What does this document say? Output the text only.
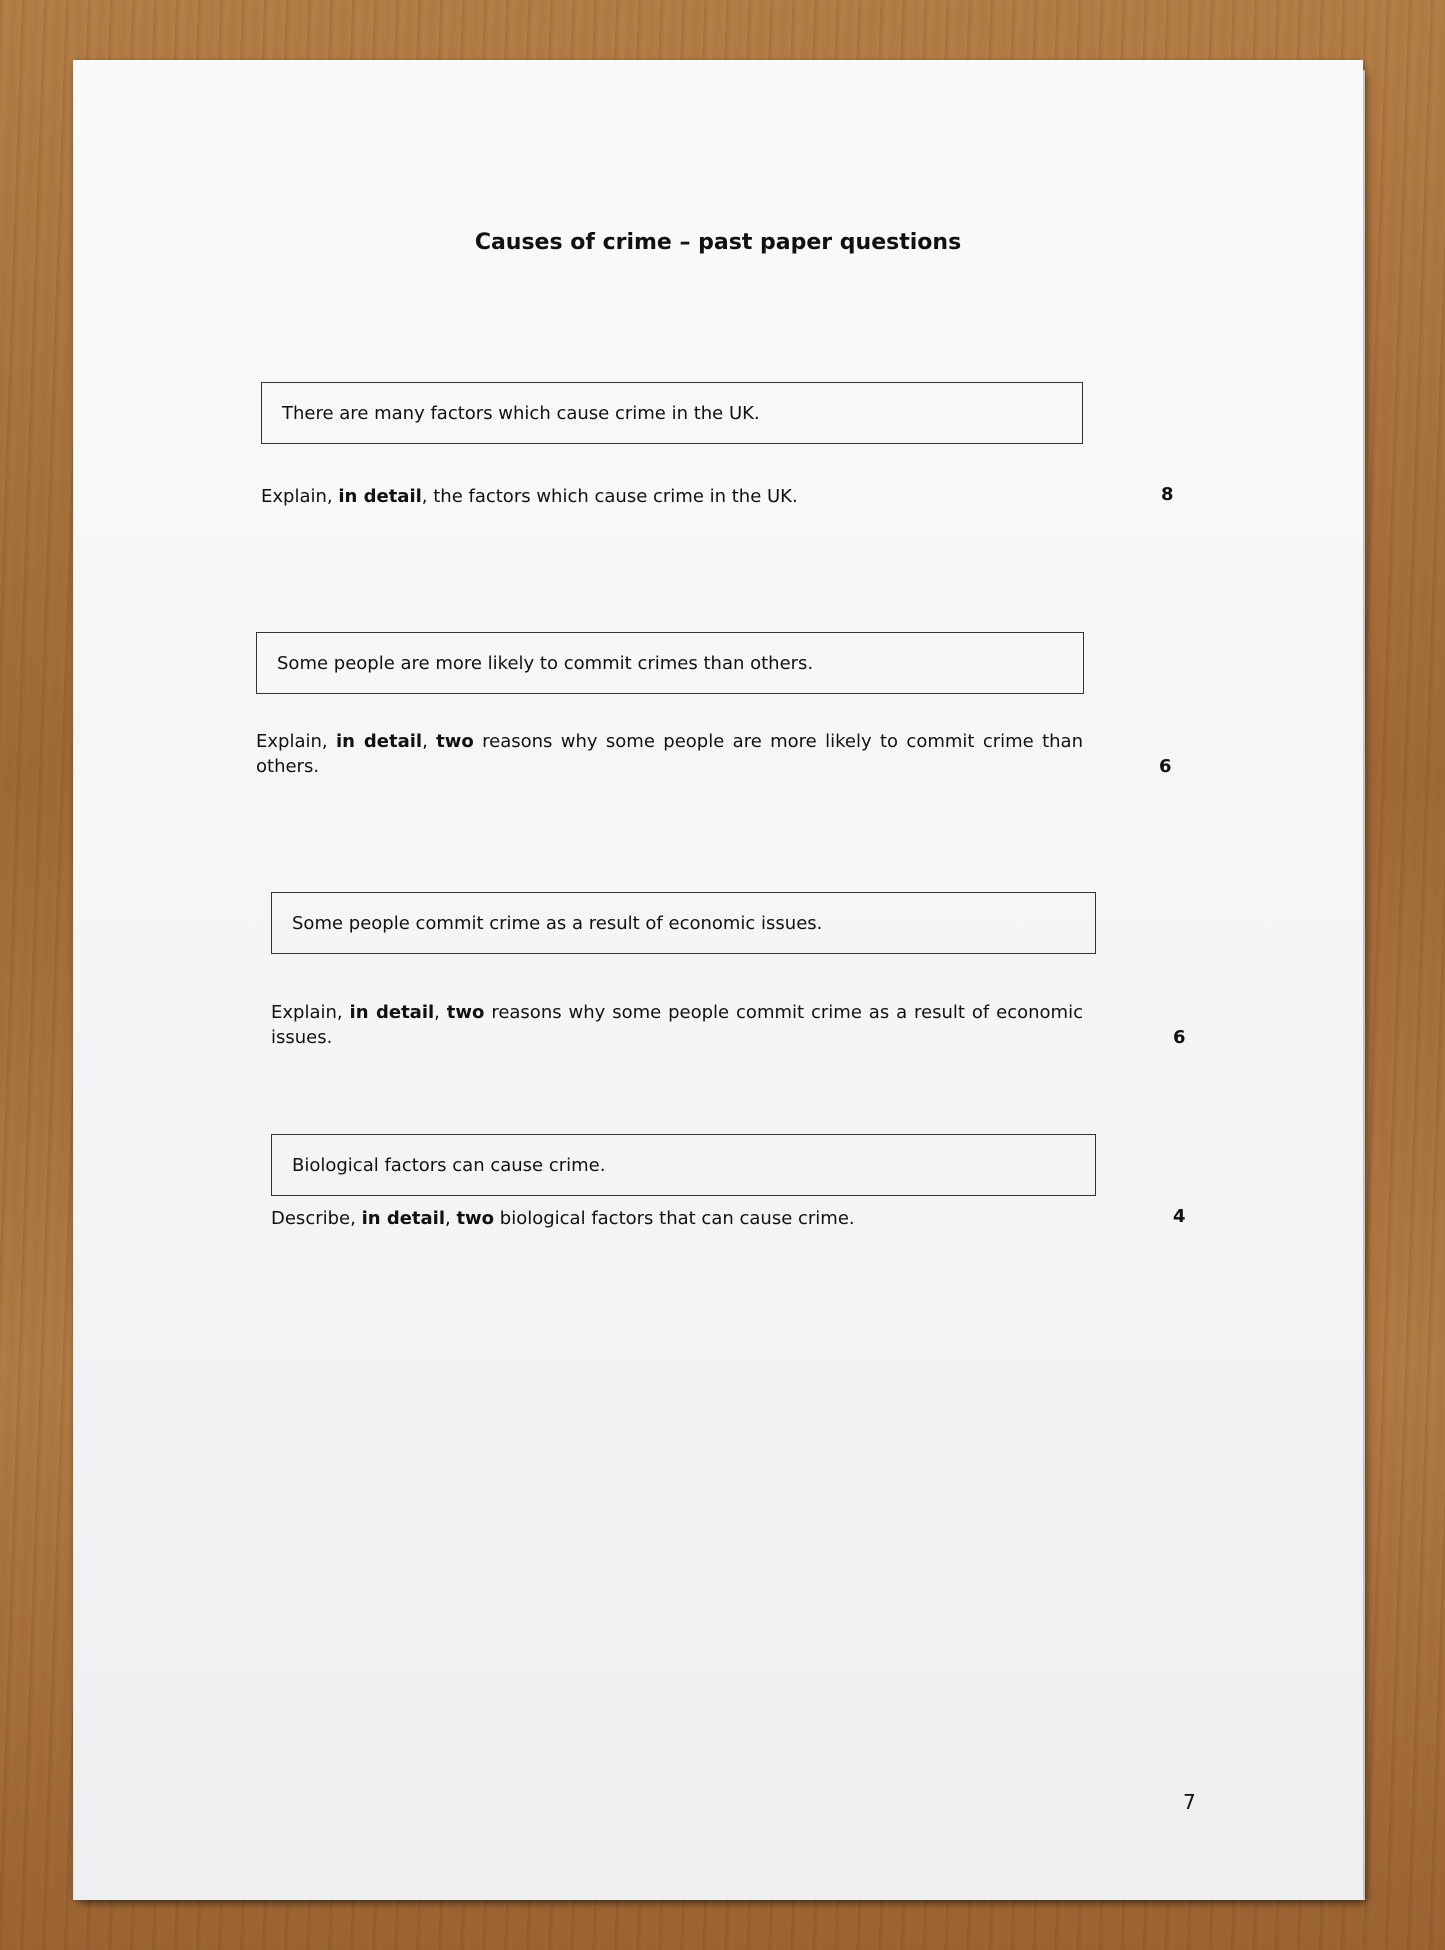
Causes of crime – past paper questions
There are many factors which cause crime in the UK.
Explain, in detail, the factors which cause crime in the UK.	8
Some people are more likely to commit crimes than others.
Explain, in detail, two reasons why some people are more likely to commit crime than others.	6
Some people commit crime as a result of economic issues.
Explain, in detail, two reasons why some people commit crime as a result of economic issues.	6
Biological factors can cause crime.
Describe, in detail, two biological factors that can cause crime.	4
7
